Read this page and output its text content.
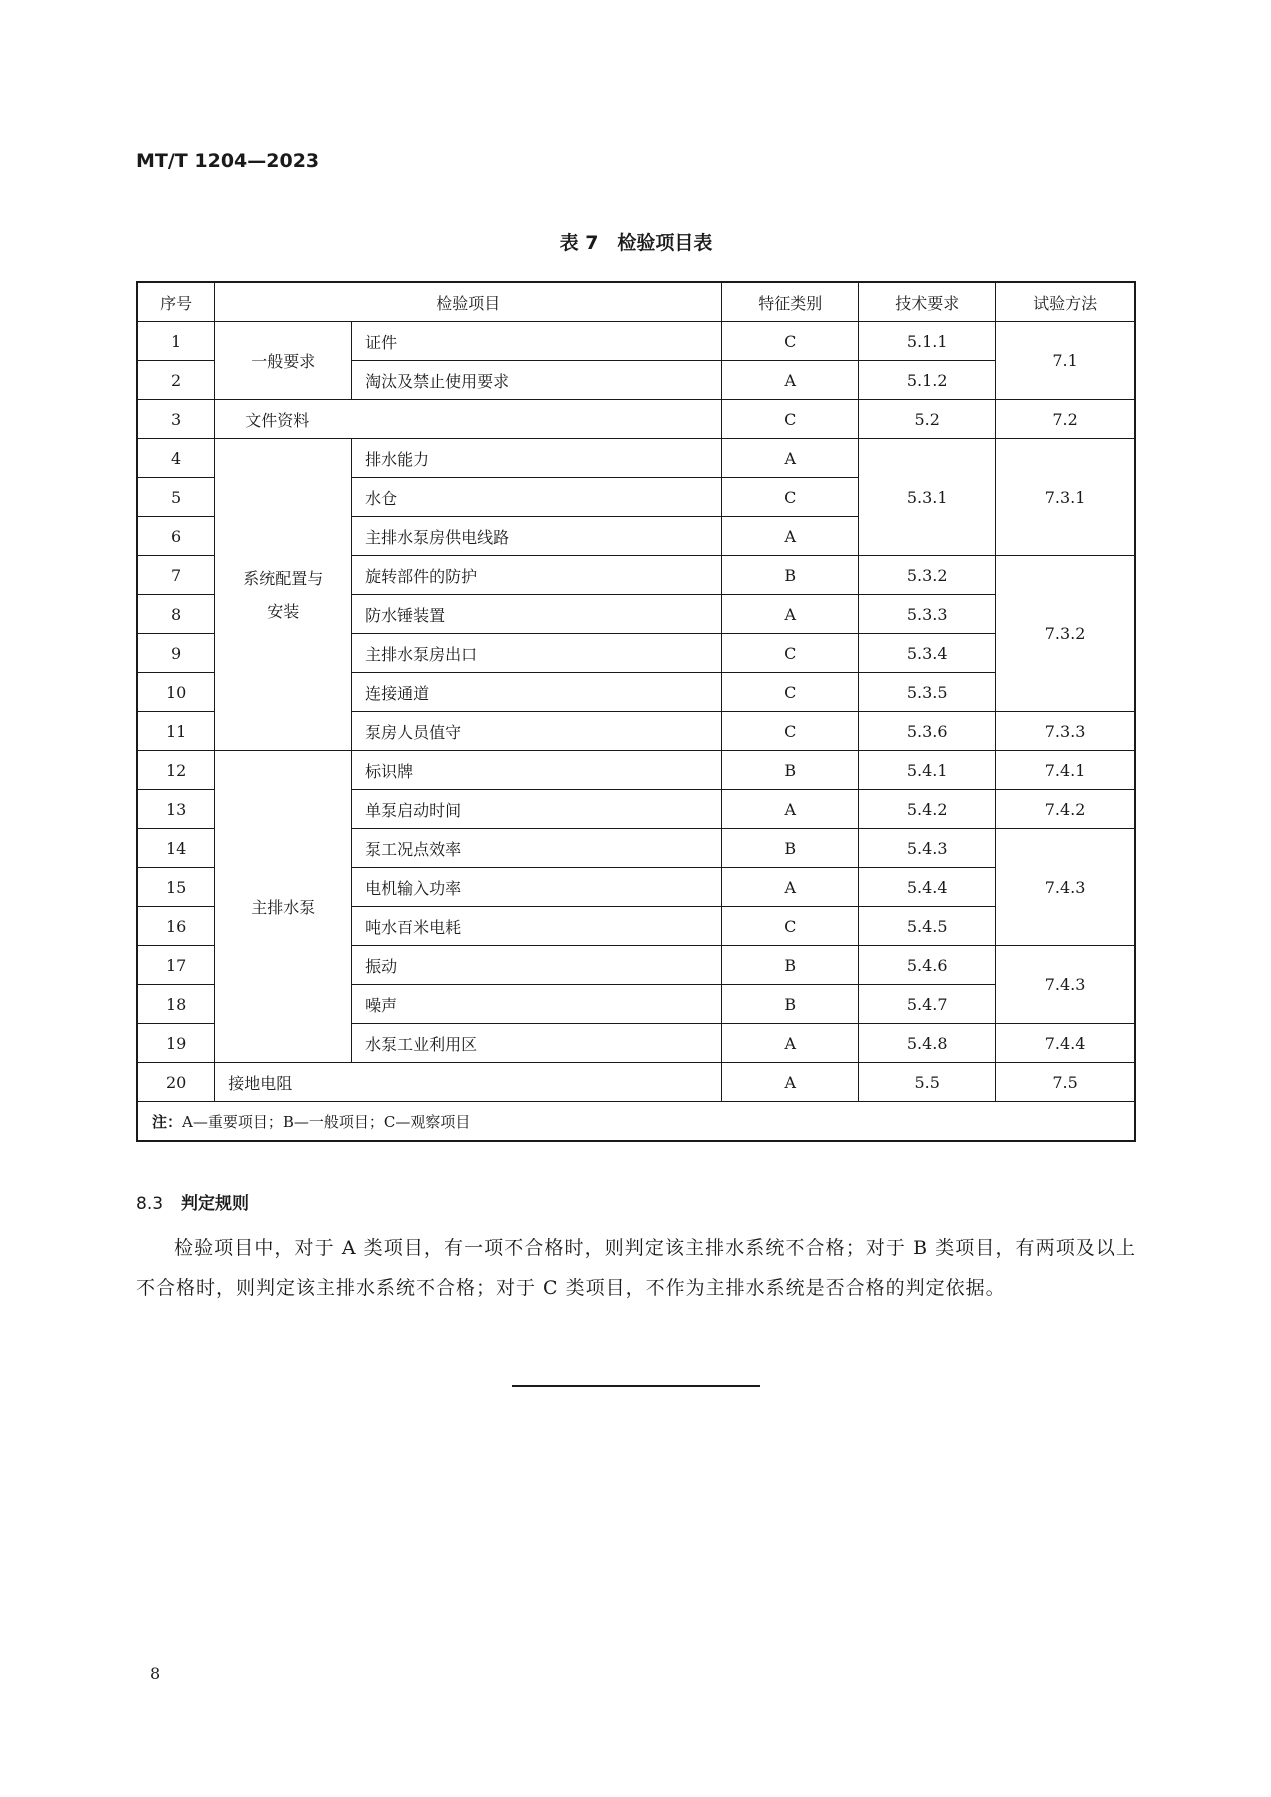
MT/T 1204—2023
表 7　检验项目表
序号	检验项目		特征类别	技术要求	试验方法
1	一般要求	证件	C	5.1.1	7.1
2		淘汰及禁止使用要求	A	5.1.2	
3	文件资料		C	5.2	7.2
4	系统配置与安装	排水能力	A	5.3.1	7.3.1
5		水仓	C		
6		主排水泵房供电线路	A		
7		旋转部件的防护	B	5.3.2	7.3.2
8		防水锤装置	A	5.3.3	
9		主排水泵房出口	C	5.3.4	
10		连接通道	C	5.3.5	
11		泵房人员值守	C	5.3.6	7.3.3
12	主排水泵	标识牌	B	5.4.1	7.4.1
13		单泵启动时间	A	5.4.2	7.4.2
14		泵工况点效率	B	5.4.3	7.4.3
15		电机输入功率	A	5.4.4	
16		吨水百米电耗	C	5.4.5	
17		振动	B	5.4.6	7.4.3
18		噪声	B	5.4.7	
19		水泵工业利用区	A	5.4.8	7.4.4
20	接地电阻		A	5.5	7.5
注：A—重要项目；B—一般项目；C—观察项目					
8.3 判定规则
检验项目中，对于 A 类项目，有一项不合格时，则判定该主排水系统不合格；对于 B 类项目，有两项及以上不合格时，则判定该主排水系统不合格；对于 C 类项目，不作为主排水系统是否合格的判定依据。
8
